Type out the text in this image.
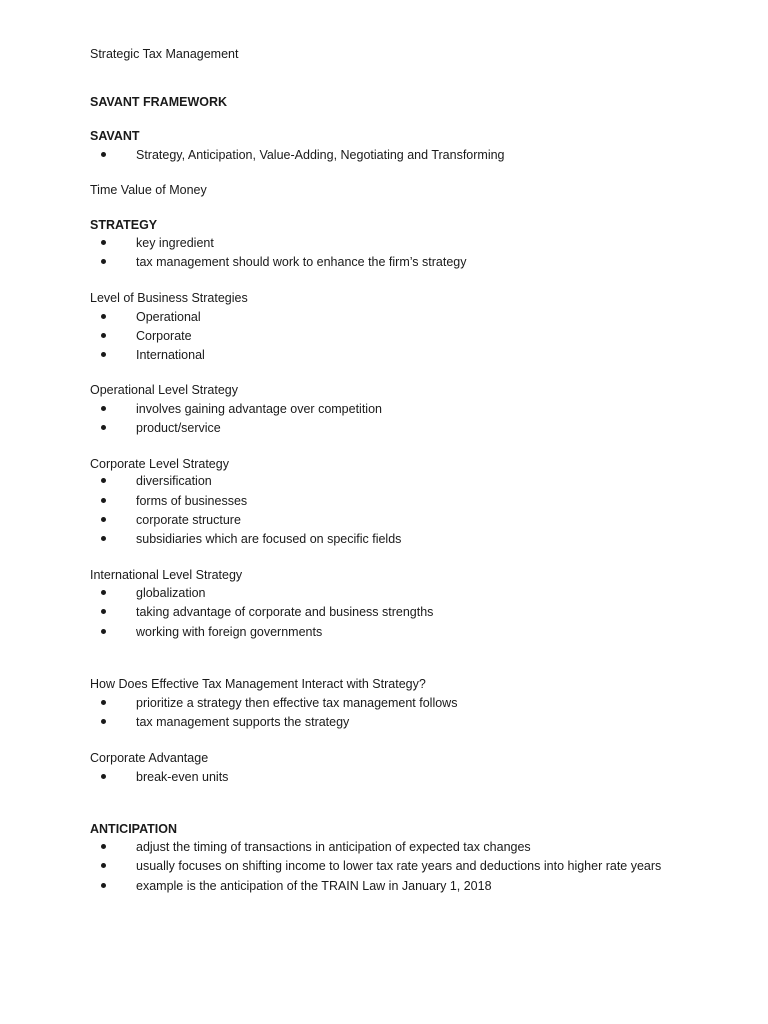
Strategic Tax Management
SAVANT FRAMEWORK
SAVANT
Strategy, Anticipation, Value-Adding, Negotiating and Transforming
Time Value of Money
STRATEGY
key ingredient
tax management should work to enhance the firm’s strategy
Level of Business Strategies
Operational
Corporate
International
Operational Level Strategy
involves gaining advantage over competition
product/service
Corporate Level Strategy
diversification
forms of businesses
corporate structure
subsidiaries which are focused on specific fields
International Level Strategy
globalization
taking advantage of corporate and business strengths
working with foreign governments
How Does Effective Tax Management Interact with Strategy?
prioritize a strategy then effective tax management follows
tax management supports the strategy
Corporate Advantage
break-even units
ANTICIPATION
adjust the timing of transactions in anticipation of expected tax changes
usually focuses on shifting income to lower tax rate years and deductions into higher rate years
example is the anticipation of the TRAIN Law in January 1, 2018
